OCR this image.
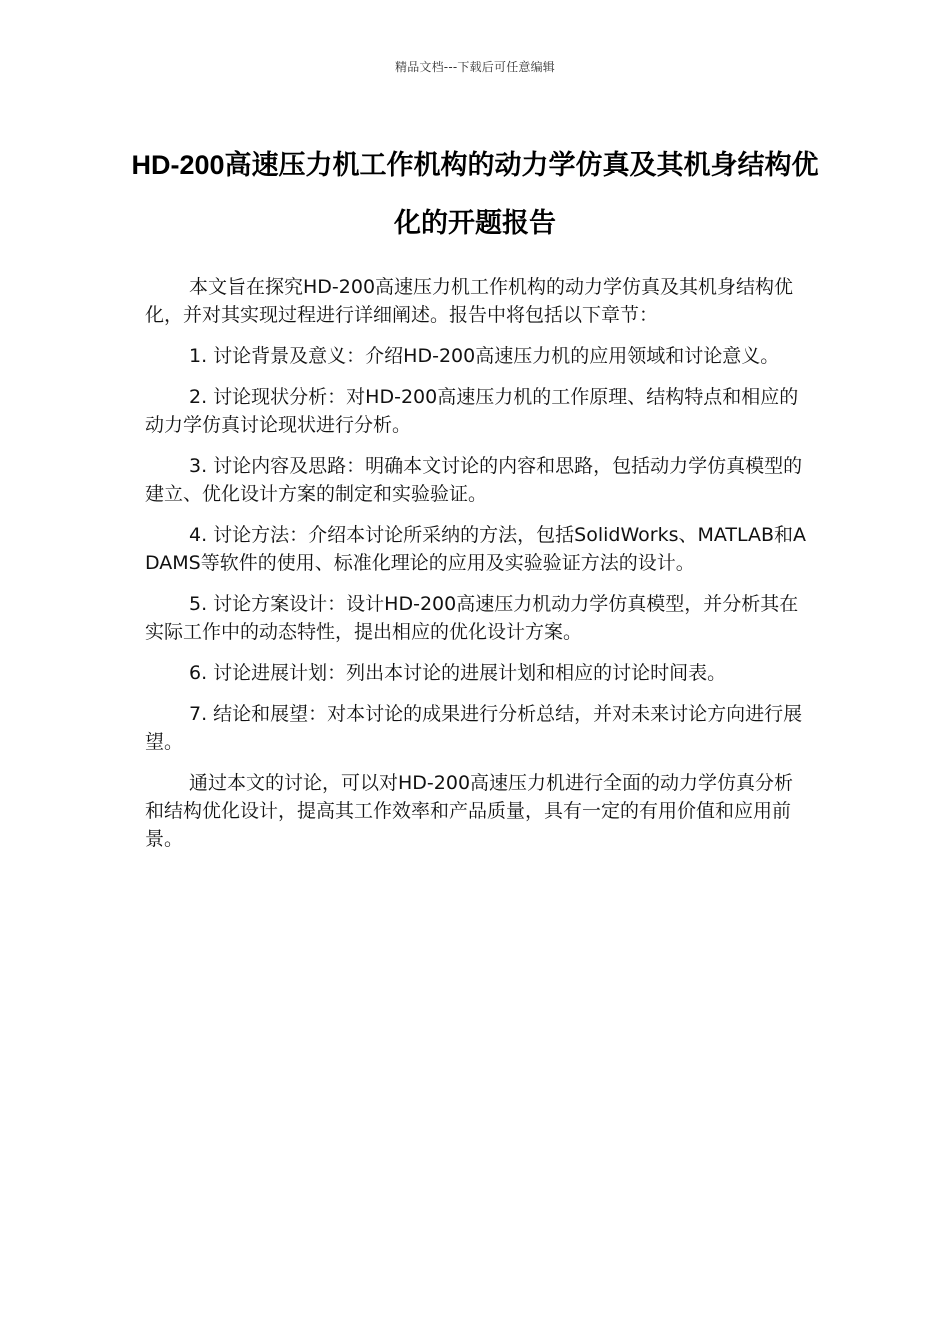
精品文档---下载后可任意编辑
HD-200高速压力机工作机构的动力学仿真及其机身结构优化的开题报告

本文旨在探究HD-200高速压力机工作机构的动力学仿真及其机身结构优化，并对其实现过程进行详细阐述。报告中将包括以下章节：

1. 讨论背景及意义：介绍HD-200高速压力机的应用领域和讨论意义。

2. 讨论现状分析：对HD-200高速压力机的工作原理、结构特点和相应的动力学仿真讨论现状进行分析。

3. 讨论内容及思路：明确本文讨论的内容和思路，包括动力学仿真模型的建立、优化设计方案的制定和实验验证。

4. 讨论方法：介绍本讨论所采纳的方法，包括SolidWorks、MATLAB和ADAMS等软件的使用、标准化理论的应用及实验验证方法的设计。

5. 讨论方案设计：设计HD-200高速压力机动力学仿真模型，并分析其在实际工作中的动态特性，提出相应的优化设计方案。

6. 讨论进展计划：列出本讨论的进展计划和相应的讨论时间表。

7. 结论和展望：对本讨论的成果进行分析总结，并对未来讨论方向进行展望。

通过本文的讨论，可以对HD-200高速压力机进行全面的动力学仿真分析和结构优化设计，提高其工作效率和产品质量，具有一定的有用价值和应用前景。
